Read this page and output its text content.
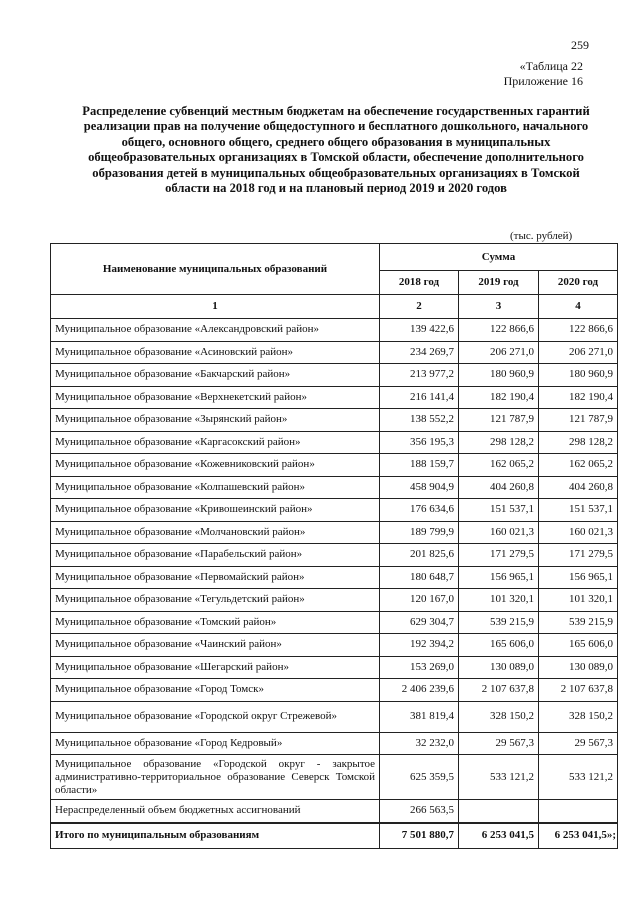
259
«Таблица 22
Приложение 16
Распределение субвенций местным бюджетам на обеспечение государственных гарантий реализации прав на получение общедоступного и бесплатного дошкольного, начального общего, основного общего, среднего общего образования в муниципальных общеобразовательных организациях в Томской области, обеспечение дополнительного образования детей в муниципальных общеобразовательных организациях в Томской области на 2018 год и на плановый период 2019 и 2020 годов
(тыс. рублей)
Наименование муниципальных образований	Сумма		
	2018 год	2019 год	2020 год
1	2	3	4
Муниципальное образование «Александровский район»	139 422,6	122 866,6	122 866,6
Муниципальное образование «Асиновский район»	234 269,7	206 271,0	206 271,0
Муниципальное образование «Бакчарский район»	213 977,2	180 960,9	180 960,9
Муниципальное образование «Верхнекетский район»	216 141,4	182 190,4	182 190,4
Муниципальное образование «Зырянский район»	138 552,2	121 787,9	121 787,9
Муниципальное образование «Каргасокский район»	356 195,3	298 128,2	298 128,2
Муниципальное образование «Кожевниковский район»	188 159,7	162 065,2	162 065,2
Муниципальное образование «Колпашевский район»	458 904,9	404 260,8	404 260,8
Муниципальное образование «Кривошеинский район»	176 634,6	151 537,1	151 537,1
Муниципальное образование «Молчановский район»	189 799,9	160 021,3	160 021,3
Муниципальное образование «Парабельский район»	201 825,6	171 279,5	171 279,5
Муниципальное образование «Первомайский район»	180 648,7	156 965,1	156 965,1
Муниципальное образование «Тегульдетский район»	120 167,0	101 320,1	101 320,1
Муниципальное образование «Томский район»	629 304,7	539 215,9	539 215,9
Муниципальное образование «Чаинский район»	192 394,2	165 606,0	165 606,0
Муниципальное образование «Шегарский район»	153 269,0	130 089,0	130 089,0
Муниципальное образование «Город Томск»	2 406 239,6	2 107 637,8	2 107 637,8
Муниципальное образование «Городской округ Стрежевой»	381 819,4	328 150,2	328 150,2
Муниципальное образование «Город Кедровый»	32 232,0	29 567,3	29 567,3
Муниципальное образование «Городской округ - закрытое административно-территориальное образование Северск Томской области»	625 359,5	533 121,2	533 121,2
Нераспределенный объем бюджетных ассигнований	266 563,5		
Итого по муниципальным образованиям	7 501 880,7	6 253 041,5	6 253 041,5»;
